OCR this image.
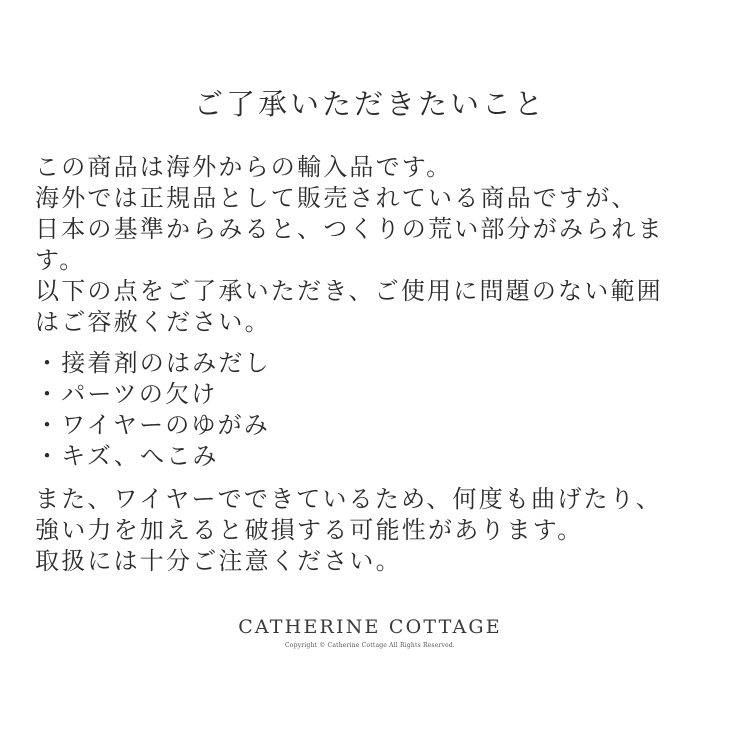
ご了承いただきたいこと
この商品は海外からの輸入品です。
海外では正規品として販売されている商品ですが、
日本の基準からみると、つくりの荒い部分がみられま
す。
以下の点をご了承いただき、ご使用に問題のない範囲
はご容赦ください。
・接着剤のはみだし
・パーツの欠け
・ワイヤーのゆがみ
・キズ、へこみ
また、ワイヤーでできているため、何度も曲げたり、
強い力を加えると破損する可能性があります。
取扱には十分ご注意ください。
CATHERINE COTTAGE
Copyright © Catherine Cottage All Rights Reserved.
